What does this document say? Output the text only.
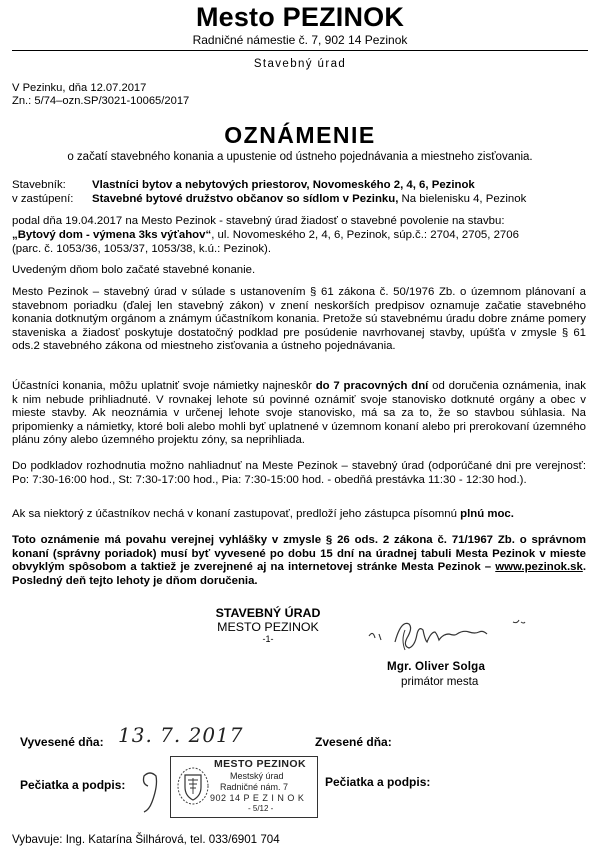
Mesto PEZINOK
Radničné námestie č. 7, 902 14 Pezinok
Stavebný úrad
V Pezinku, dňa 12.07.2017
Zn.: 5/74–ozn.SP/3021-10065/2017
OZNÁMENIE
o začatí stavebného konania a upustenie od ústneho pojednávania a miestneho zisťovania.
Stavebník: Vlastníci bytov a nebytových priestorov, Novomeského 2, 4, 6, Pezinok
v zastúpení: Stavebné bytové družstvo občanov so sídlom v Pezinku, Na bielenisku 4, Pezinok
podal dňa 19.04.2017 na Mesto Pezinok - stavebný úrad žiadosť o stavebné povolenie na stavbu:
„Bytový dom - výmena 3ks výťahov“, ul. Novomeského 2, 4, 6, Pezinok, súp.č.: 2704, 2705, 2706
(parc. č. 1053/36, 1053/37, 1053/38, k.ú.: Pezinok).
Uvedeným dňom bolo začaté stavebné konanie.
Mesto Pezinok – stavebný úrad v súlade s ustanovením § 61 zákona č. 50/1976 Zb. o územnom plánovaní a stavebnom poriadku (ďalej len stavebný zákon) v znení neskorších predpisov oznamuje začatie stavebného konania dotknutým orgánom a známym účastníkom konania. Pretože sú stavebnému úradu dobre známe pomery staveniska a žiadosť poskytuje dostatočný podklad pre posúdenie navrhovanej stavby, upúšťa v zmysle § 61 ods.2 stavebného zákona od miestneho zisťovania a ústneho pojednávania.
Účastníci konania, môžu uplatniť svoje námietky najneskôr do 7 pracovných dní od doručenia oznámenia, inak k nim nebude prihliadnuté. V rovnakej lehote sú povinné oznámiť svoje stanovisko dotknuté orgány a obec v mieste stavby. Ak neoznámia v určenej lehote svoje stanovisko, má sa za to, že so stavbou súhlasia. Na pripomienky a námietky, ktoré boli alebo mohli byť uplatnené v územnom konaní alebo pri prerokovaní územného plánu zóny alebo územného projektu zóny, sa neprihliada.
Do podkladov rozhodnutia možno nahliadnuť na Meste Pezinok – stavebný úrad (odporúčané dni pre verejnosť: Po: 7:30-16:00 hod., St: 7:30-17:00 hod., Pia: 7:30-15:00 hod. - obedňá prestávka 11:30 - 12:30 hod.).
Ak sa niektorý z účastníkov nechá v konaní zastupovať, predloží jeho zástupca písomnú plnú moc.
Toto oznámenie má povahu verejnej vyhlášky v zmysle § 26 ods. 2 zákona č. 71/1967 Zb. o správnom konaní (správny poriadok) musí byť vyvesené po dobu 15 dní na úradnej tabuli Mesta Pezinok v mieste obvyklým spôsobom a taktiež je zverejnené aj na internetovej stránke Mesta Pezinok – www.pezinok.sk. Posledný deň tejto lehoty je dňom doručenia.
STAVEBNÝ ÚRAD
MESTO PEZINOK
-1-
Mgr. Oliver Solga
primátor mesta
Vyvesené dňa: 13. 7. 2017	Zvesené dňa:
Pečiatka a podpis:	Pečiatka a podpis:
MESTO PEZINOK
Mestský úrad
Radničné nám. 7
902 14 P E Z I N O K
- 5/12 -
Vybavuje: Ing. Katarína Šilhárová, tel. 033/6901 704
